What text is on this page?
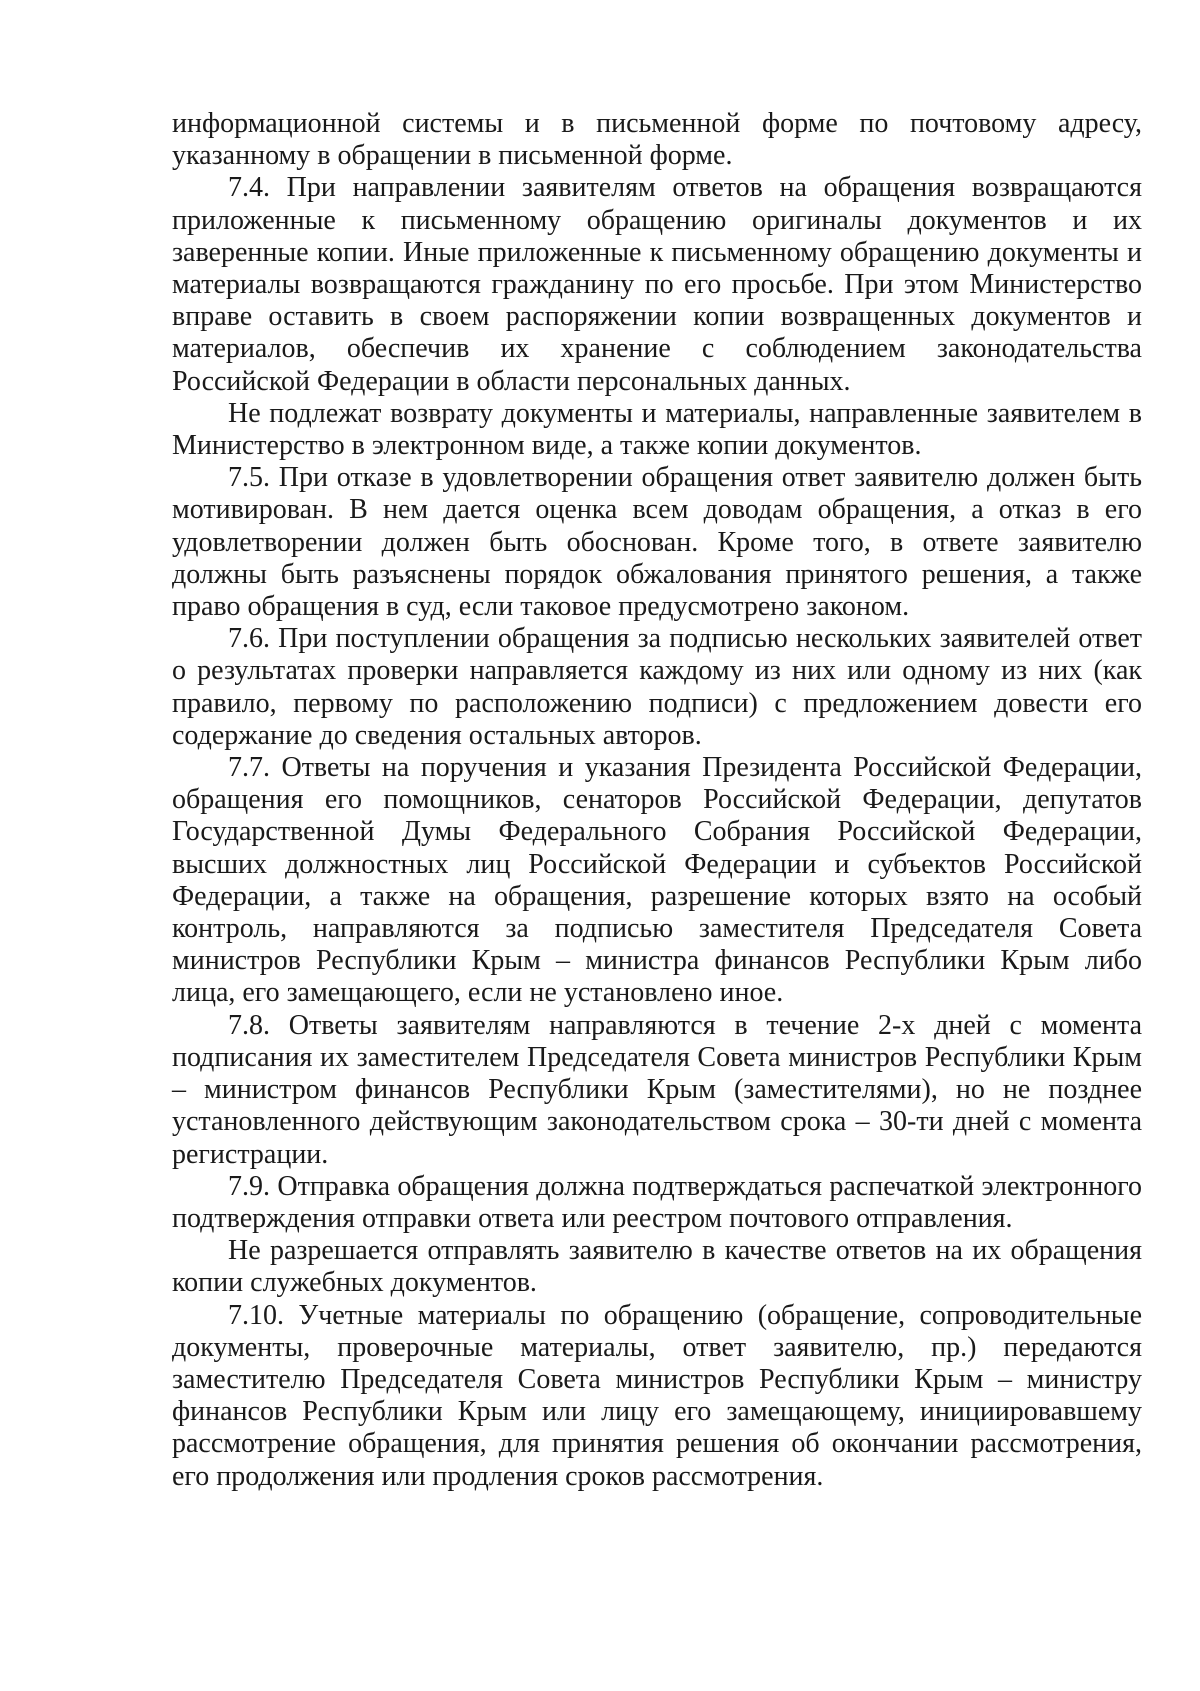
информационной системы и в письменной форме по почтовому адресу, указанному в обращении в письменной форме.

7.4. При направлении заявителям ответов на обращения возвращаются приложенные к письменному обращению оригиналы документов и их заверенные копии. Иные приложенные к письменному обращению документы и материалы возвращаются гражданину по его просьбе. При этом Министерство вправе оставить в своем распоряжении копии возвращенных документов и материалов, обеспечив их хранение с соблюдением законодательства Российской Федерации в области персональных данных.

Не подлежат возврату документы и материалы, направленные заявителем в Министерство в электронном виде, а также копии документов.

7.5. При отказе в удовлетворении обращения ответ заявителю должен быть мотивирован. В нем дается оценка всем доводам обращения, а отказ в его удовлетворении должен быть обоснован. Кроме того, в ответе заявителю должны быть разъяснены порядок обжалования принятого решения, а также право обращения в суд, если таковое предусмотрено законом.

7.6. При поступлении обращения за подписью нескольких заявителей ответ о результатах проверки направляется каждому из них или одному из них (как правило, первому по расположению подписи) с предложением довести его содержание до сведения остальных авторов.

7.7. Ответы на поручения и указания Президента Российской Федерации, обращения его помощников, сенаторов Российской Федерации, депутатов Государственной Думы Федерального Собрания Российской Федерации, высших должностных лиц Российской Федерации и субъектов Российской Федерации, а также на обращения, разрешение которых взято на особый контроль, направляются за подписью заместителя Председателя Совета министров Республики Крым – министра финансов Республики Крым либо лица, его замещающего, если не установлено иное.

7.8. Ответы заявителям направляются в течение 2-х дней с момента подписания их заместителем Председателя Совета министров Республики Крым – министром финансов Республики Крым (заместителями), но не позднее установленного действующим законодательством срока – 30-ти дней с момента регистрации.

7.9. Отправка обращения должна подтверждаться распечаткой электронного подтверждения отправки ответа или реестром почтового отправления.

Не разрешается отправлять заявителю в качестве ответов на их обращения копии служебных документов.

7.10. Учетные материалы по обращению (обращение, сопроводительные документы, проверочные материалы, ответ заявителю, пр.) передаются заместителю Председателя Совета министров Республики Крым – министру финансов Республики Крым или лицу его замещающему, инициировавшему рассмотрение обращения, для принятия решения об окончании рассмотрения, его продолжения или продления сроков рассмотрения.
